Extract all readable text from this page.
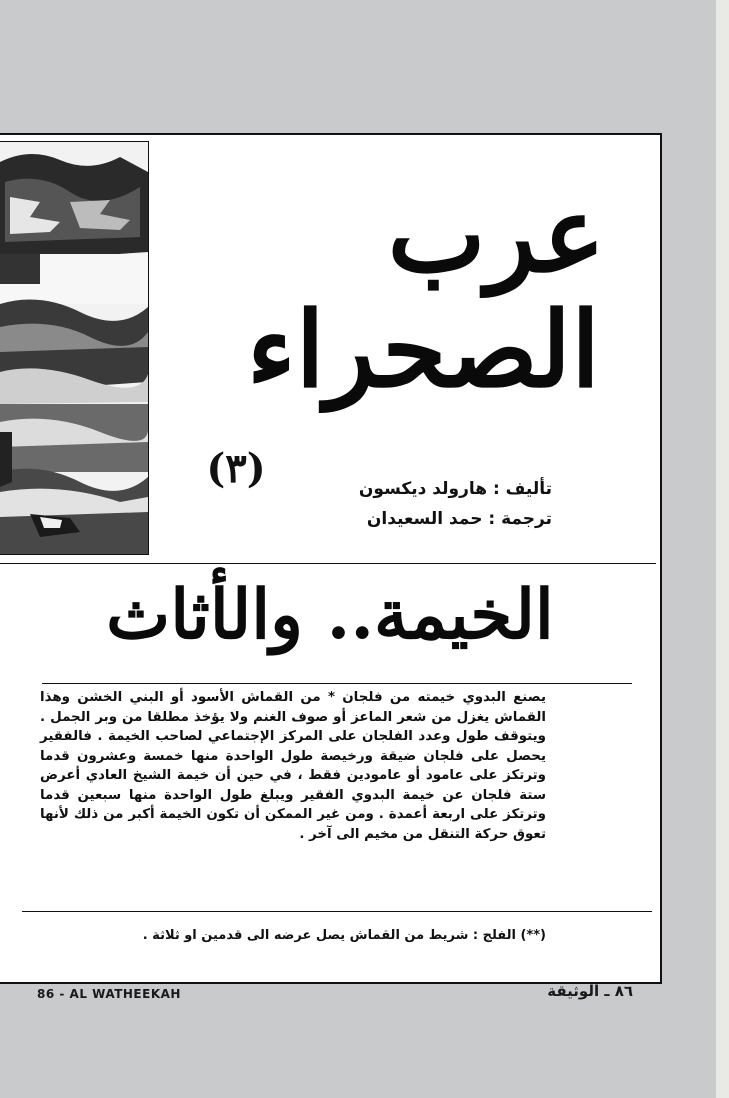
عرب
الصحراء
(٣)	تأليف : هارولد ديكسون
ترجمة : حمد السعيدان
الخيمة.. والأثاث
يصنع البدوي خيمته من فلجان * من القماش الأسود أو البني الخشن وهذا القماش يغزل من شعر الماعز أو صوف الغنم ولا يؤخذ مطلقا من وبر الجمل . ويتوقف طول وعدد الفلجان على المركز الإجتماعي لصاحب الخيمة . فالفقير يحصل على فلجان ضيقة ورخيصة طول الواحدة منها خمسة وعشرون قدما وترتكز على عامود أو عامودين فقط ، في حين أن خيمة الشيخ العادي أعرض ستة فلجان عن خيمة البدوي الفقير ويبلغ طول الواحدة منها سبعين قدما وترتكز على اربعة أعمدة . ومن غير الممكن أن تكون الخيمة أكبر من ذلك لأنها تعوق حركة التنقل من مخيم الى آخر .
(**) الفلج : شريط من القماش يصل عرضه الى قدمين او ثلاثة .
86 - AL WATHEEKAH	٨٦ ـ الوثيقة
